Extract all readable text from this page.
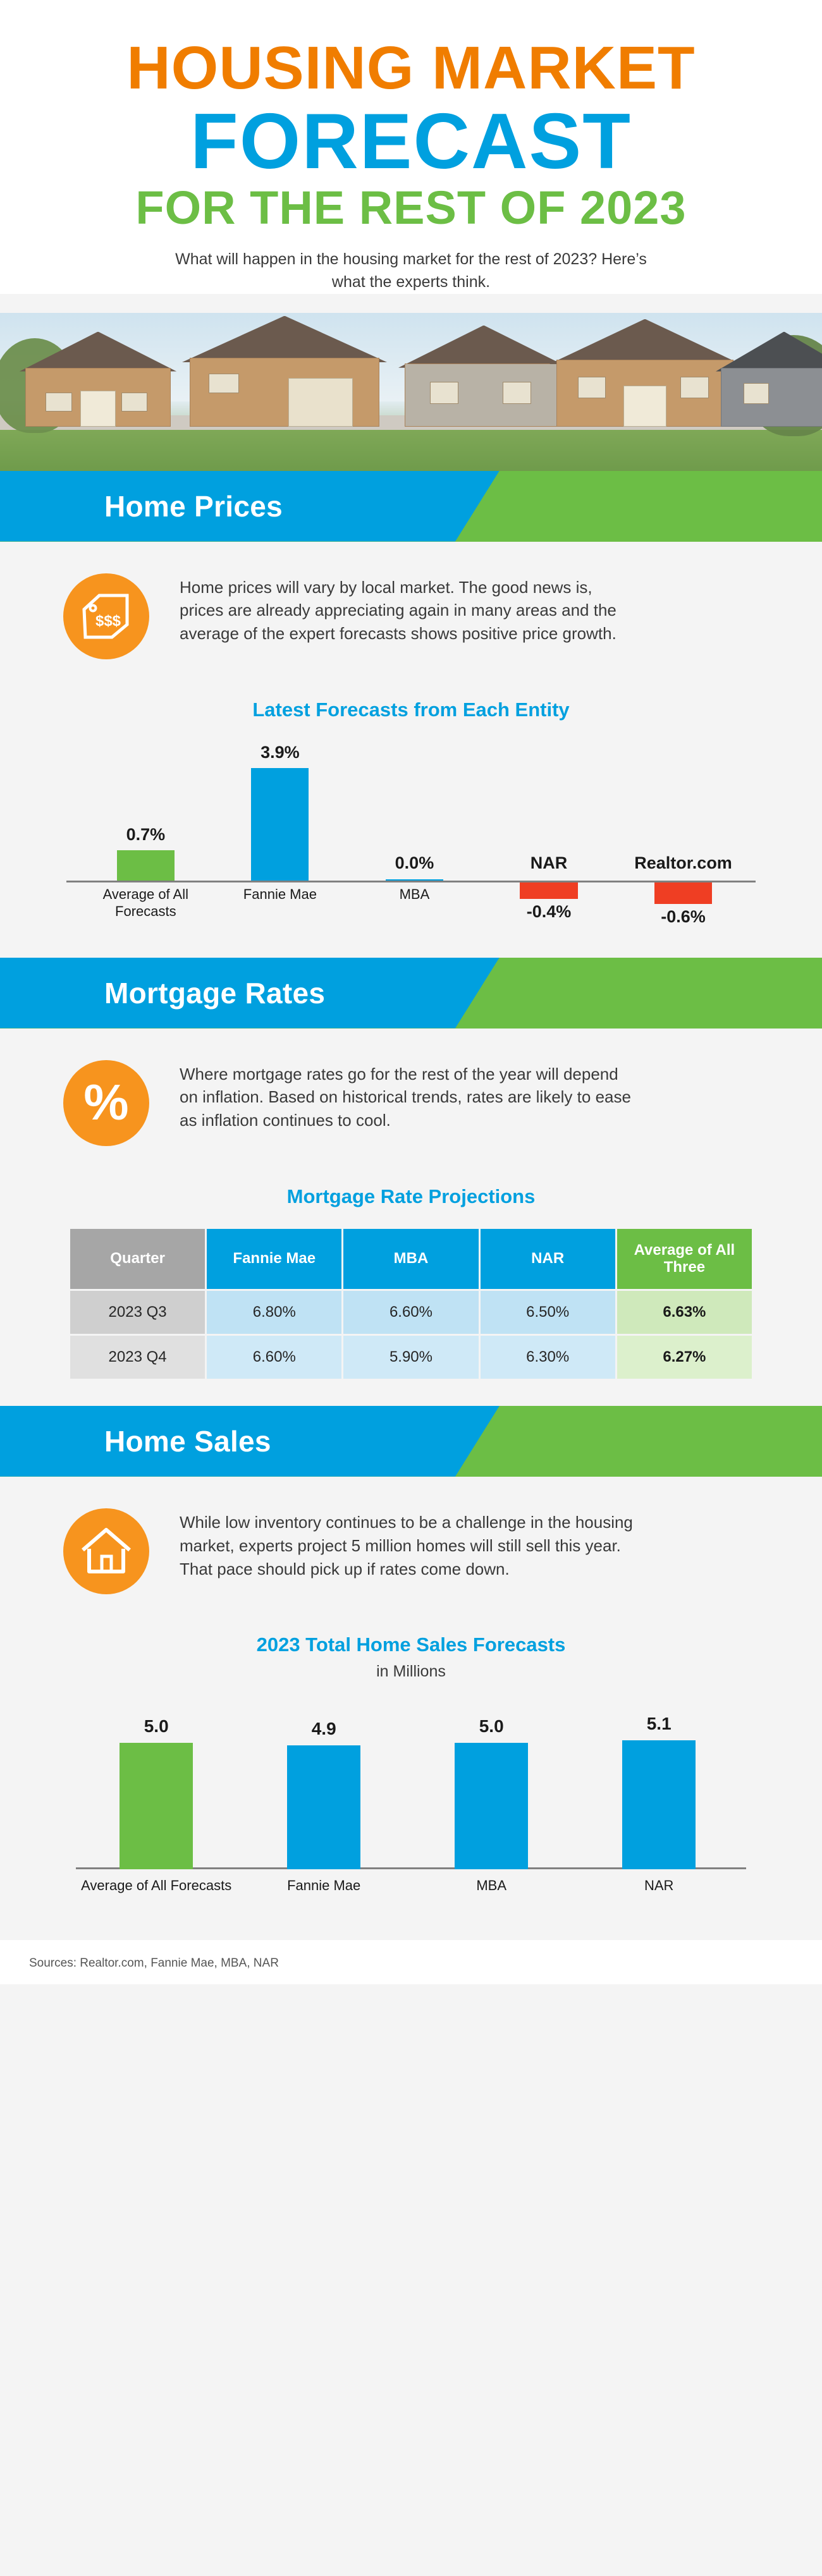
HOUSING MARKET
FORECAST
FOR THE REST OF 2023
What will happen in the housing market for the rest of 2023? Here’s what the experts think.
Home Prices
$$$

Home prices will vary by local market. The good news is, prices are already appreciating again in many areas and the average of the expert forecasts shows positive price growth.

Latest Forecasts from Each Entity
0.7%
Average of All Forecasts
3.9%
Fannie Mae
0.0%
MBA
NAR
-0.4%
Realtor.com
-0.6%
Mortgage Rates
%	Where mortgage rates go for the rest of the year will depend on inflation. Based on historical trends, rates are likely to ease as inflation continues to cool.

Mortgage Rate Projections
Quarter	Fannie Mae	MBA	NAR	Average of All Three
2023 Q3	6.80%	6.60%	6.50%	6.63%
2023 Q4	6.60%	5.90%	6.30%	6.27%
Home Sales

While low inventory continues to be a challenge in the housing market, experts project 5 million homes will still sell this year. That pace should pick up if rates come down.

2023 Total Home Sales Forecasts
in Millions
5.0
Average of All Forecasts
4.9
Fannie Mae
5.0
MBA
5.1
NAR
Sources: Realtor.com, Fannie Mae, MBA, NAR
